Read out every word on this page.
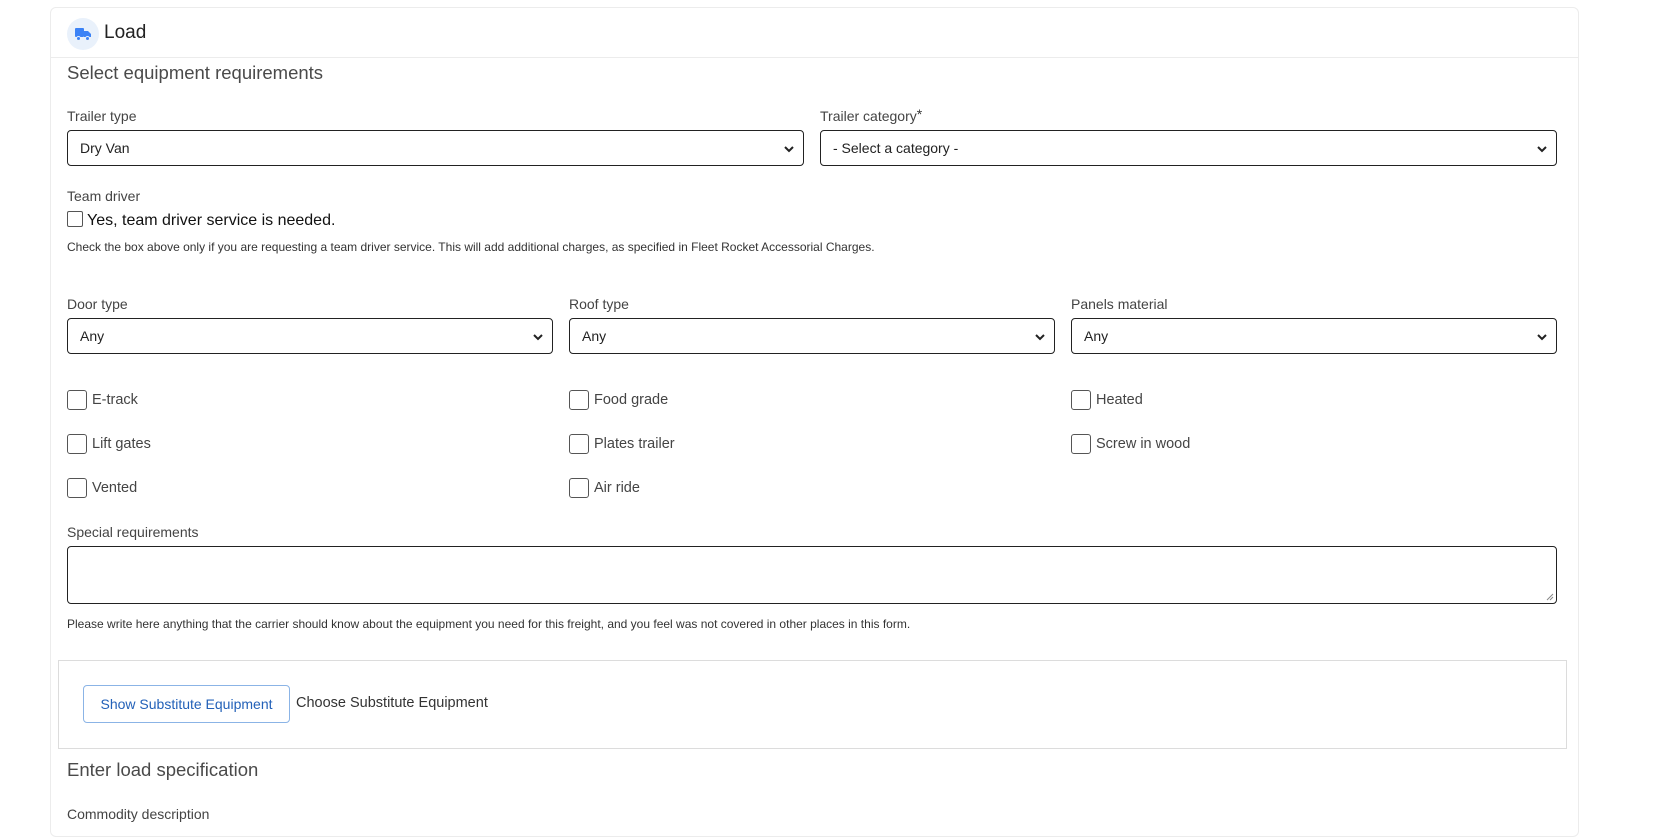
Load
Select equipment requirements
Trailer type
Dry Van
Trailer category*
- Select a category -
Team driver
Yes, team driver service is needed.
Check the box above only if you are requesting a team driver service. This will add additional charges, as specified in Fleet Rocket Accessorial Charges.
Door type
Any
Roof type
Any
Panels material
Any
E-track	Food grade	Heated
Lift gates	Plates trailer	Screw in wood
Vented	Air ride
Special requirements
Please write here anything that the carrier should know about the equipment you need for this freight, and you feel was not covered in other places in this form.
Show Substitute Equipment	Choose Substitute Equipment
Enter load specification
Commodity description
